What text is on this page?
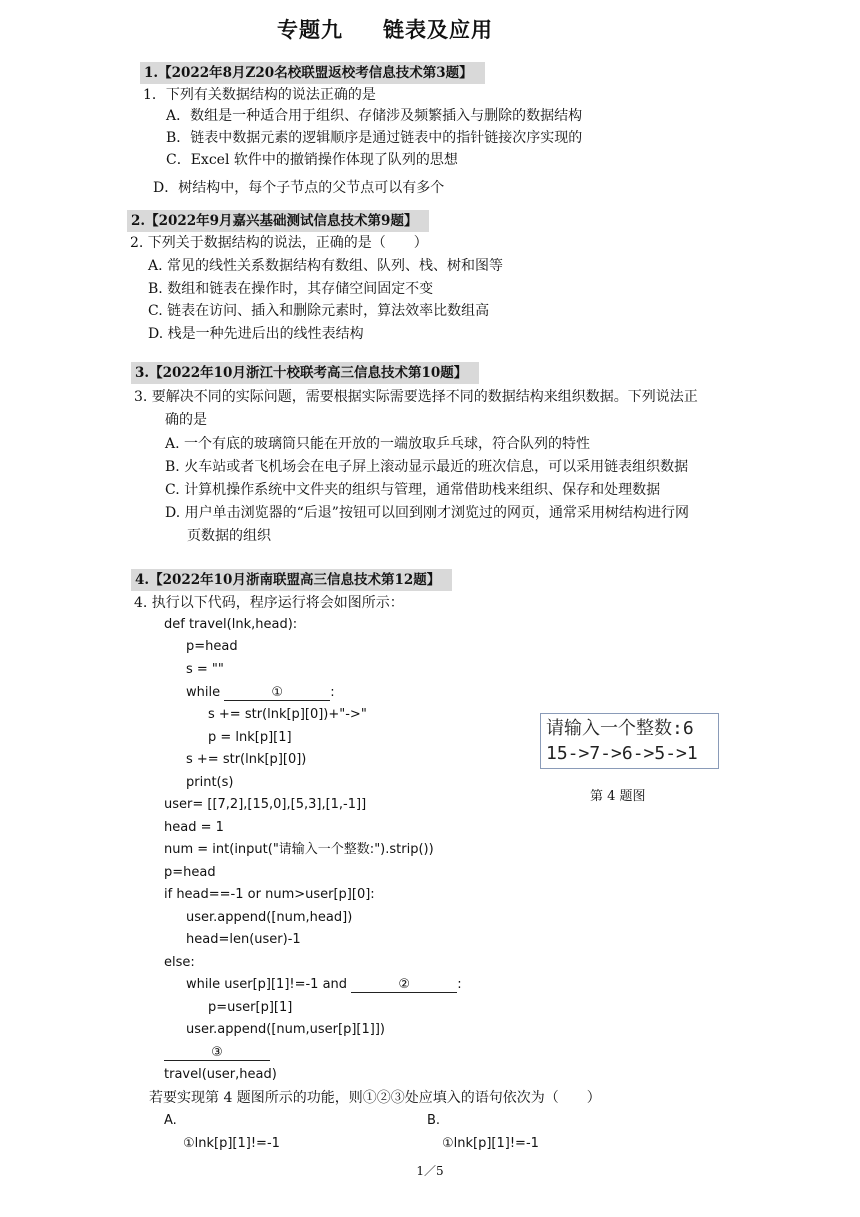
专题九 链表及应用
1.【2022年8月Z20名校联盟返校考信息技术第3题】
1．下列有关数据结构的说法正确的是
A．数组是一种适合用于组织、存储涉及频繁插入与删除的数据结构
B．链表中数据元素的逻辑顺序是通过链表中的指针链接次序实现的
C．Excel 软件中的撤销操作体现了队列的思想
D．树结构中，每个子节点的父节点可以有多个
2.【2022年9月嘉兴基础测试信息技术第9题】
2. 下列关于数据结构的说法，正确的是（　　）
A. 常见的线性关系数据结构有数组、队列、栈、树和图等
B. 数组和链表在操作时，其存储空间固定不变
C. 链表在访问、插入和删除元素时，算法效率比数组高
D. 栈是一种先进后出的线性表结构
3.【2022年10月浙江十校联考高三信息技术第10题】
3. 要解决不同的实际问题，需要根据实际需要选择不同的数据结构来组织数据。下列说法正
确的是
A. 一个有底的玻璃筒只能在开放的一端放取乒乓球，符合队列的特性
B. 火车站或者飞机场会在电子屏上滚动显示最近的班次信息，可以采用链表组织数据
C. 计算机操作系统中文件夹的组织与管理，通常借助栈来组织、保存和处理数据
D. 用户单击浏览器的“后退”按钮可以回到刚才浏览过的网页，通常采用树结构进行网
页数据的组织
4.【2022年10月浙南联盟高三信息技术第12题】
4. 执行以下代码，程序运行将会如图所示：
def travel(lnk,head):
p=head
s = ""
while	①	:
s += str(lnk[p][0])+"->"
p = lnk[p][1]
s += str(lnk[p][0])
print(s)
user= [[7,2],[15,0],[5,3],[1,-1]]
head = 1
num = int(input("请输入一个整数:").strip())
p=head
if head==-1 or num>user[p][0]:
user.append([num,head])
head=len(user)-1
else:
while user[p][1]!=-1 and	②	:
p=user[p][1]
user.append([num,user[p][1]])
③
travel(user,head)
请输入一个整数:6
15->7->6->5->1
第 4 题图
若要实现第 4 题图所示的功能，则①②③处应填入的语句依次为（　　）
A.	B.
①lnk[p][1]!=-1	①lnk[p][1]!=-1
1／5
